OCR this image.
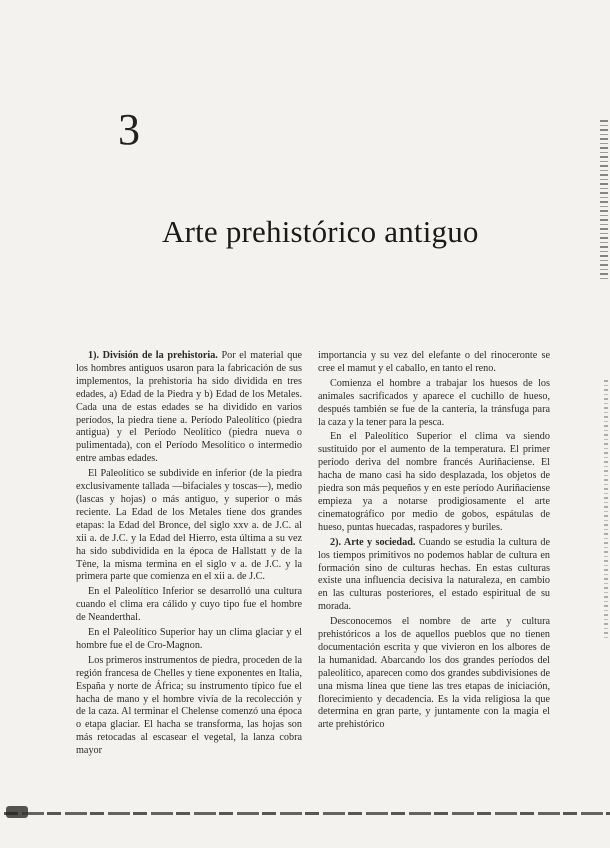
3
Arte prehistórico antiguo

1). División de la prehistoria. Por el material que los hombres antiguos usaron para la fabricación de sus implementos, la prehistoria ha sido dividida en tres edades, a) Edad de la Piedra y b) Edad de los Metales. Cada una de estas edades se ha dividido en varios períodos, la piedra tiene a. Período Paleolítico (piedra antigua) y el Período Neolítico (piedra nueva o pulimentada), con el Período Mesolítico o intermedio entre ambas edades.

El Paleolítico se subdivide en inferior (de la piedra exclusivamente tallada —bifaciales y toscas—), medio (lascas y hojas) o más antiguo, y superior o más reciente. La Edad de los Metales tiene dos grandes etapas: la Edad del Bronce, del siglo xxv a. de J.C. al xii a. de J.C. y la Edad del Hierro, esta última a su vez ha sido subdividida en la época de Hallstatt y de la Tène, la misma termina en el siglo v a. de J.C. y la primera parte que comienza en el xii a. de J.C.

En el Paleolítico Inferior se desarrolló una cultura cuando el clima era cálido y cuyo tipo fue el hombre de Neanderthal.

En el Paleolítico Superior hay un clima glaciar y el hombre fue el de Cro-Magnon.

Los primeros instrumentos de piedra, proceden de la región francesa de Chelles y tiene exponentes en Italia, España y norte de África; su instrumento típico fue el hacha de mano y el hombre vivía de la recolección y de la caza. Al terminar el Chelense comenzó una época o etapa glaciar. El hacha se transforma, las hojas son más retocadas al escasear el vegetal, la lanza cobra mayor

importancia y su vez del elefante o del rinoceronte se cree el mamut y el caballo, en tanto el reno.

Comienza el hombre a trabajar los huesos de los animales sacrificados y aparece el cuchillo de hueso, después también se fue de la cantería, la tránsfuga para la caza y la tener para la pesca.

En el Paleolítico Superior el clima va siendo sustituido por el aumento de la temperatura. El primer período deriva del nombre francés Auriñaciense. El hacha de mano casi ha sido desplazada, los objetos de piedra son más pequeños y en este período Auriñaciense empieza ya a notarse prodigiosamente el arte cinematográfico por medio de gobos, espátulas de hueso, puntas huecadas, raspadores y buriles.

2). Arte y sociedad. Cuando se estudia la cultura de los tiempos primitivos no podemos hablar de cultura en formación sino de culturas hechas. En estas culturas existe una influencia decisiva la naturaleza, en cambio en las culturas posteriores, el estado espiritual de su morada.

Desconocemos el nombre de arte y cultura prehistóricos a los de aquellos pueblos que no tienen documentación escrita y que vivieron en los albores de la humanidad. Abarcando los dos grandes períodos del paleolítico, aparecen como dos grandes subdivisiones de una misma línea que tiene las tres etapas de iniciación, florecimiento y decadencia. Es la vida religiosa la que determina en gran parte, y juntamente con la magia el arte prehistórico
